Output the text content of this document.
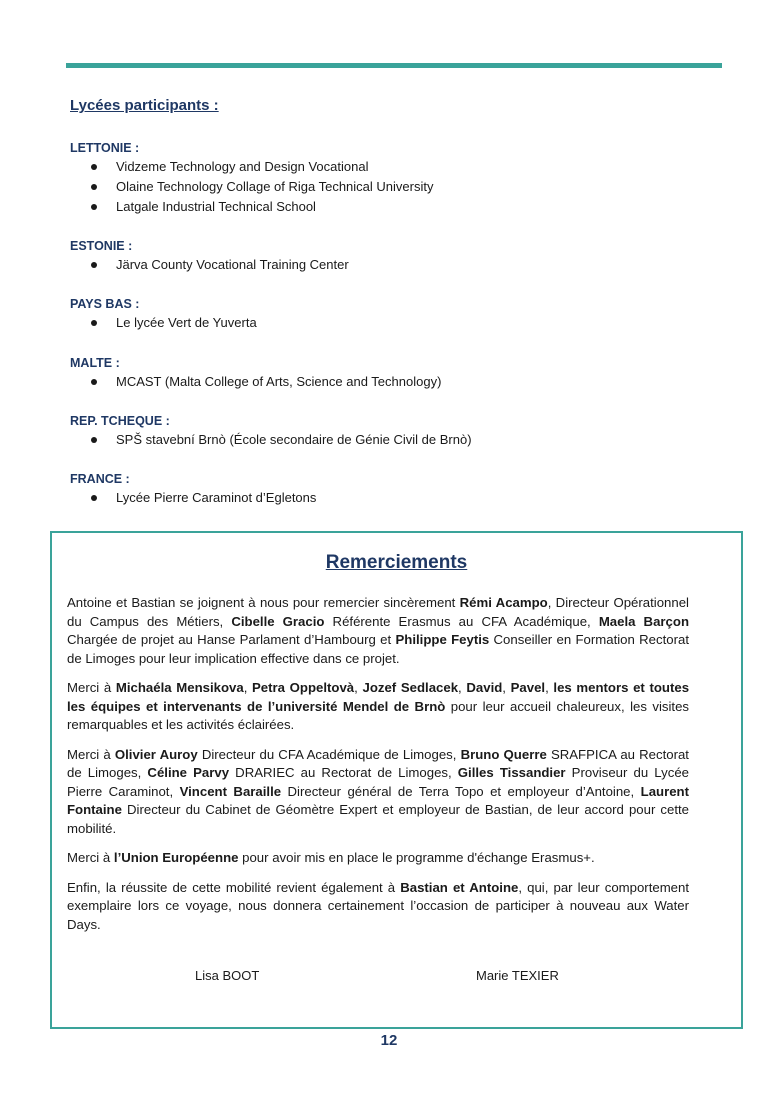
Lycées participants :
LETTONIE :
Vidzeme Technology and Design Vocational
Olaine Technology Collage of Riga Technical University
Latgale Industrial Technical School
ESTONIE :
Järva County Vocational Training Center
PAYS BAS :
Le lycée Vert de Yuverta
MALTE :
MCAST (Malta College of Arts, Science and Technology)
REP. TCHEQUE :
SPŠ stavební Brnò (École secondaire de Génie Civil de Brnò)
FRANCE :
Lycée Pierre Caraminot d’Egletons
Remerciements

Antoine et Bastian se joignent à nous pour remercier sincèrement Rémi Acampo, Directeur Opérationnel du Campus des Métiers, Cibelle Gracio Référente Erasmus au CFA Académique, Maela Barçon Chargée de projet au Hanse Parlament d’Hambourg et Philippe Feytis Conseiller en Formation Rectorat de Limoges pour leur implication effective dans ce projet.

Merci à Michaéla Mensikova, Petra Oppeltovà, Jozef Sedlacek, David, Pavel, les mentors et toutes les équipes et intervenants de l’université Mendel de Brnò pour leur accueil chaleureux, les visites remarquables et les activités éclairées.

Merci à Olivier Auroy Directeur du CFA Académique de Limoges, Bruno Querre SRAFPICA au Rectorat de Limoges, Céline Parvy DRARIEC au Rectorat de Limoges, Gilles Tissandier Proviseur du Lycée Pierre Caraminot, Vincent Baraille Directeur général de Terra Topo et employeur d’Antoine, Laurent Fontaine Directeur du Cabinet de Géomètre Expert et employeur de Bastian, de leur accord pour cette mobilité.

Merci à l’Union Européenne pour avoir mis en place le programme d'échange Erasmus+.

Enfin, la réussite de cette mobilité revient également à Bastian et Antoine, qui, par leur comportement exemplaire lors ce voyage, nous donnera certainement l’occasion de participer à nouveau aux Water Days.

Lisa BOOT	Marie TEXIER
12
